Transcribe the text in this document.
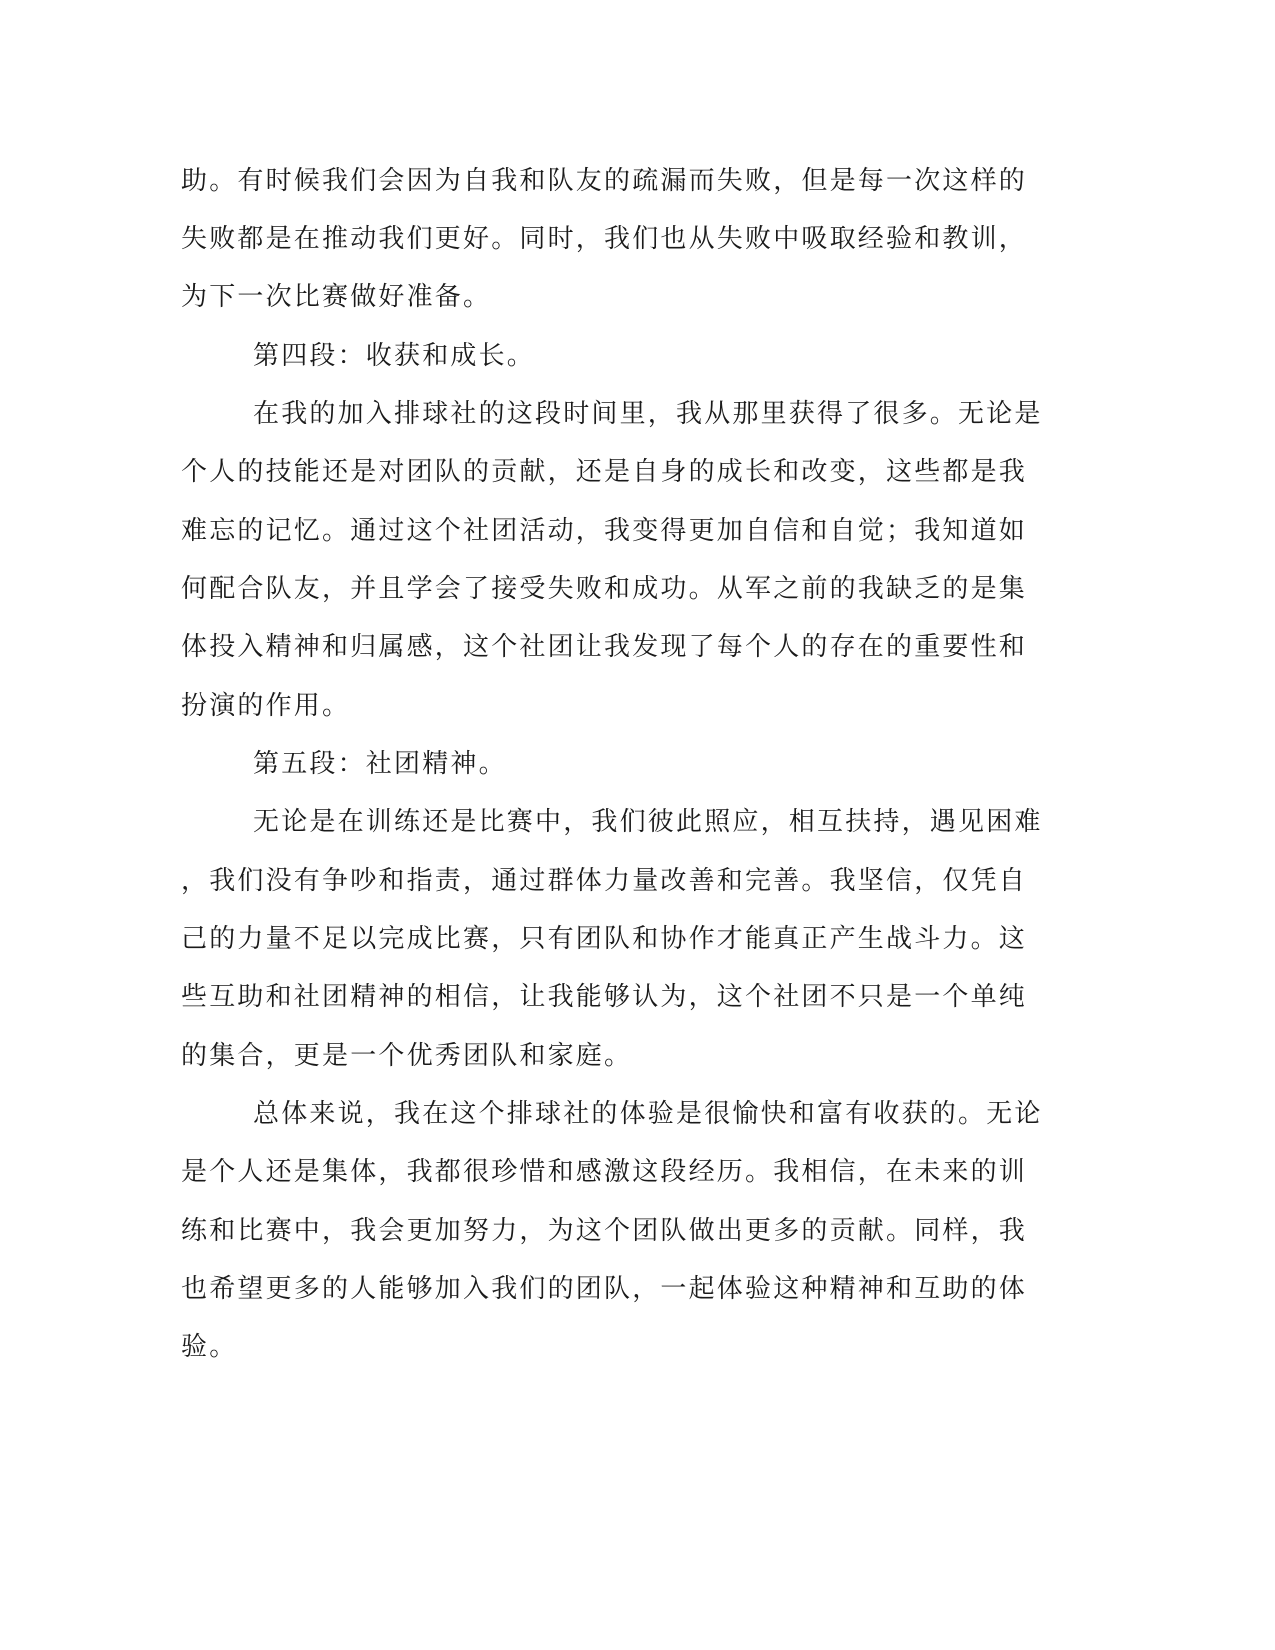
助。有时候我们会因为自我和队友的疏漏而失败，但是每一次这样的
失败都是在推动我们更好。同时，我们也从失败中吸取经验和教训，
为下一次比赛做好准备。
第四段：收获和成长。
在我的加入排球社的这段时间里，我从那里获得了很多。无论是
个人的技能还是对团队的贡献，还是自身的成长和改变，这些都是我
难忘的记忆。通过这个社团活动，我变得更加自信和自觉；我知道如
何配合队友，并且学会了接受失败和成功。从军之前的我缺乏的是集
体投入精神和归属感，这个社团让我发现了每个人的存在的重要性和
扮演的作用。
第五段：社团精神。
无论是在训练还是比赛中，我们彼此照应，相互扶持，遇见困难
，我们没有争吵和指责，通过群体力量改善和完善。我坚信，仅凭自
己的力量不足以完成比赛，只有团队和协作才能真正产生战斗力。这
些互助和社团精神的相信，让我能够认为，这个社团不只是一个单纯
的集合，更是一个优秀团队和家庭。
总体来说，我在这个排球社的体验是很愉快和富有收获的。无论
是个人还是集体，我都很珍惜和感激这段经历。我相信，在未来的训
练和比赛中，我会更加努力，为这个团队做出更多的贡献。同样，我
也希望更多的人能够加入我们的团队，一起体验这种精神和互助的体
验。
